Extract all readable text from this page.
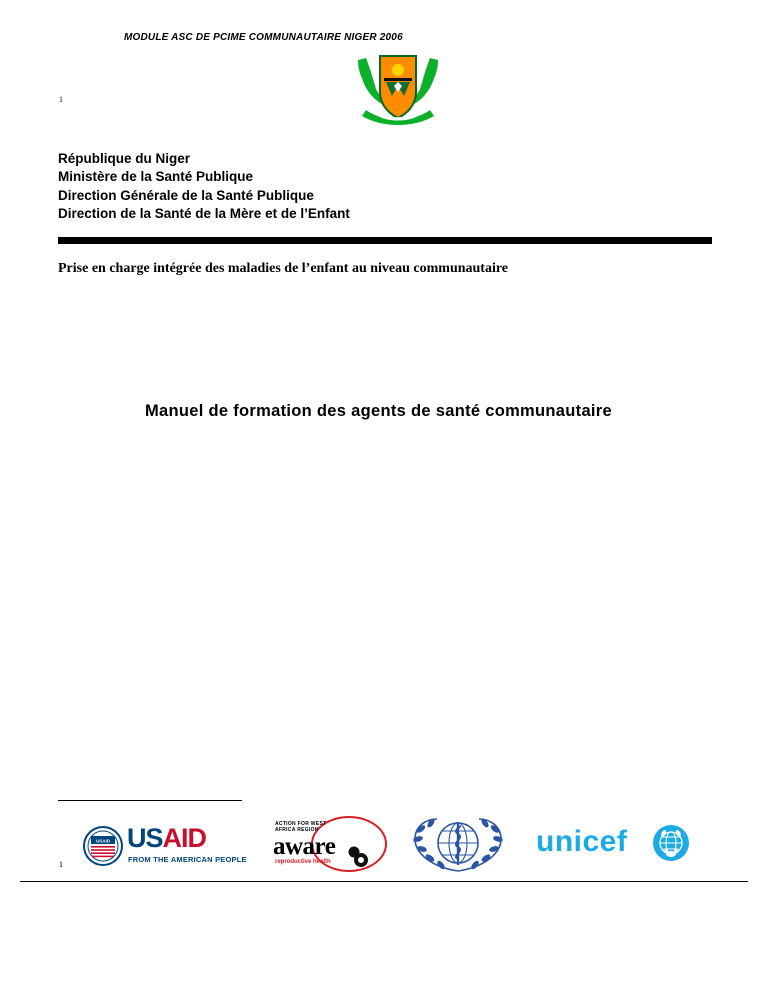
MODULE ASC DE PCIME COMMUNAUTAIRE NIGER 2006
1
République du Niger
Ministère de la Santé Publique
Direction Générale de la Santé Publique
Direction de la Santé de la Mère et de l’Enfant
Prise en charge intégrée des maladies de l’enfant au niveau communautaire
Manuel de formation des agents de santé communautaire
1
USAID USAID
FROM THE AMERICAN PEOPLE
ACTION FOR WEST
AFRICA REGION
aware
reproductive health
unicef
